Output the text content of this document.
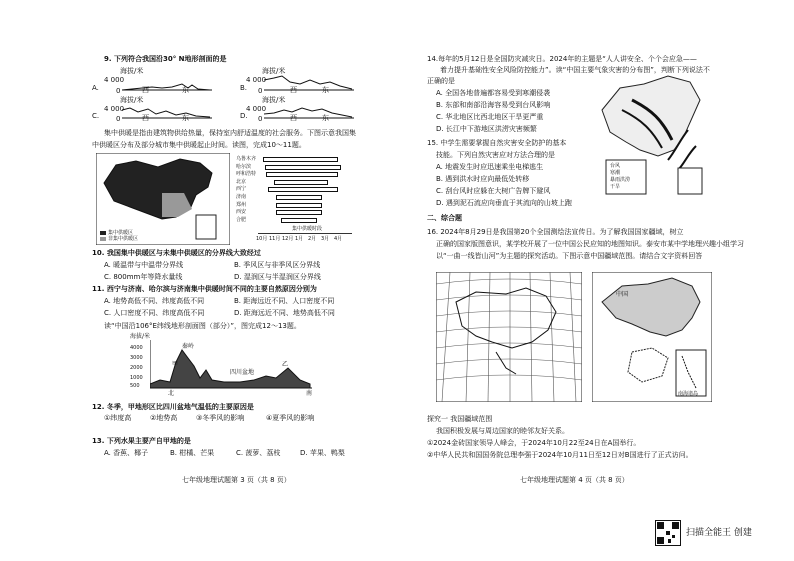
9. 下列符合我国沿30° N地形剖面的是
海拔/米
4 000
A. 0	西	东
海拔/米
4 000
B. 0	西	东
海拔/米
4 000
C. 0	西	东
海拔/米
4 000
D. 0	西	东
集中供暖是指由建筑物供给热量，保持室内舒适温度的社会服务。下图示意我国集
中供暖区分布及部分城市集中供暖起止时间。读图，完成10～11题。
集中供暖区
非集中供暖区
集中供暖时段
乌鲁木齐
哈尔滨
呼和浩特
北京
西宁
济南
郑州
西安
合肥
10月 11月 12月 1月 2月 3月 4月
10. 我国集中供暖区与未集中供暖区的分界线大致经过
A. 暖温带与中温带分界线	B. 季风区与非季风区分界线
C. 800mm年等降水量线	D. 湿润区与半湿润区分界线
11. 西宁与济南、哈尔滨与济南集中供暖时间不同的主要自然原因分别为
A. 地势高低不同、纬度高低不同	B. 距海远近不同、人口密度不同
C. 人口密度不同、纬度高低不同	D. 距海远近不同、地势高低不同
读“中国沿106°E纬线地形剖面图（部分）”，图完成12～13题。
海拔/米
4000
3000
2000
1000
500
秦岭
甲
四川盆地
乙
北	南
12. 冬季，甲地形区比四川盆地气温低的主要原因是
①纬度高	②地势高	③冬季风的影响	④夏季风的影响
13. 下列水果主要产自甲地的是
A. 香蕉、椰子	B. 柑橘、芒果	C. 菠萝、荔枝	D. 苹果、鸭梨
七年级地理试题第 3 页（共 8 页）
14.每年的5月12日是全国防灾减灾日。2024年的主题是“人人讲安全、个个会应急——
着力提升基础性安全风险防控能力”。读“中国主要气象灾害的分布图”，判断下列说法不
正确的是
A. 全国各地普遍都容易受到寒潮侵袭
B. 东部和南部沿海容易受到台风影响
C. 华北地区比西北地区干旱更严重
D. 长江中下游地区洪涝灾害频繁
15. 中学生需要掌握自然灾害安全防护的基本
技能。下列自然灾害应对方法合理的是
A. 地震发生时应迅速乘坐电梯逃生
B. 遇到洪水时应向最低处转移
C. 刮台风时应躲在大树广告牌下避风
D. 遇到泥石流应向垂直于其流向的山坡上跑
台风
寒潮
暴雨洪涝
干旱
二、综合题
16. 2024年8月29日是我国第20个全国测绘法宣传日。为了解我国国家疆域，树立
正确的国家版图意识，某学校开展了一位中国公民应知的地图知识。泰安市某中学地理兴趣小组学习
以“一曲一线皆山河”为主题的探究活动。下图示意中国疆域范围。请结合文字资料回答
中国
南海诸岛
探究一 我国疆域范围
我国积极发展与周边国家的睦邻友好关系。
①2024金砖国家领导人峰会，于2024年10月22至24日在A国举行。
②中华人民共和国国务院总理李强于2024年10月11日至12日对B国进行了正式访问。
七年级地理试题第 4 页（共 8 页）
扫描全能王 创建
